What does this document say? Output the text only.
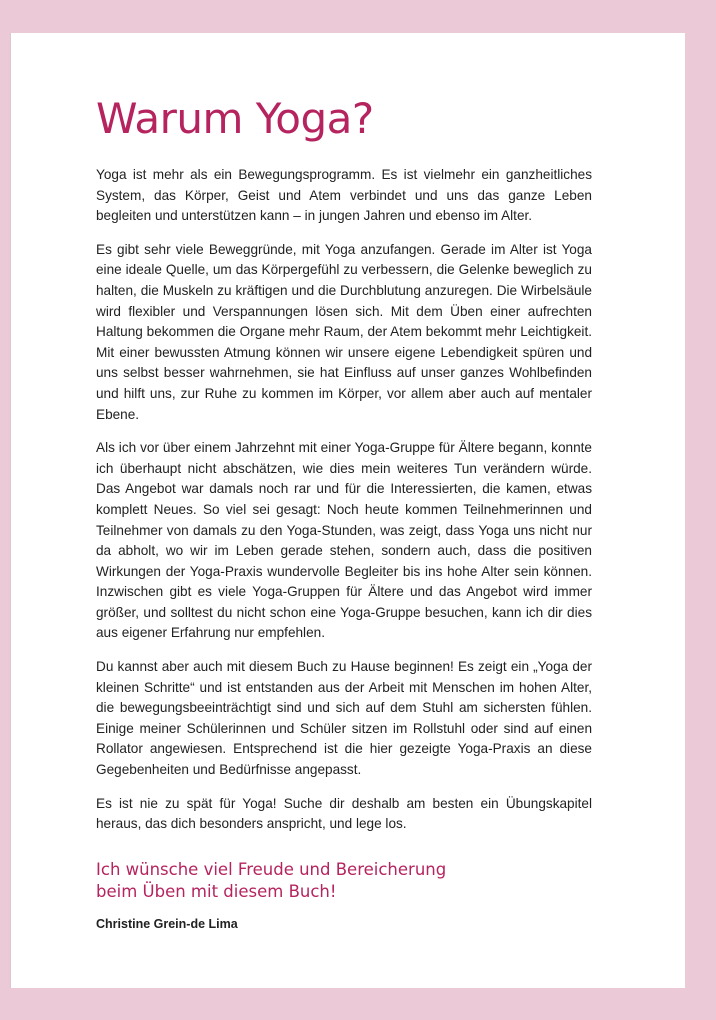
Warum Yoga?

Yoga ist mehr als ein Bewegungsprogramm. Es ist vielmehr ein ganzheitliches System, das Körper, Geist und Atem verbindet und uns das ganze Leben begleiten und unterstützen kann – in jungen Jahren und ebenso im Alter.

Es gibt sehr viele Beweggründe, mit Yoga anzufangen. Gerade im Alter ist Yoga eine ideale Quelle, um das Körpergefühl zu verbessern, die Gelenke beweglich zu halten, die Muskeln zu kräftigen und die Durchblutung anzuregen. Die Wirbelsäule wird flexibler und Verspannungen lösen sich. Mit dem Üben einer aufrechten Haltung bekommen die Organe mehr Raum, der Atem bekommt mehr Leichtigkeit. Mit einer bewussten Atmung können wir unsere eigene Lebendigkeit spüren und uns selbst besser wahrnehmen, sie hat Einfluss auf unser ganzes Wohlbefinden und hilft uns, zur Ruhe zu kommen im Körper, vor allem aber auch auf mentaler Ebene.

Als ich vor über einem Jahrzehnt mit einer Yoga-Gruppe für Ältere begann, konnte ich überhaupt nicht abschätzen, wie dies mein weiteres Tun verändern würde. Das Angebot war damals noch rar und für die Interessierten, die kamen, etwas komplett Neues. So viel sei gesagt: Noch heute kommen Teilnehmerinnen und Teilnehmer von damals zu den Yoga-Stunden, was zeigt, dass Yoga uns nicht nur da abholt, wo wir im Leben gerade stehen, sondern auch, dass die positiven Wirkungen der Yoga-Praxis wundervolle Begleiter bis ins hohe Alter sein können. Inzwischen gibt es viele Yoga-Gruppen für Ältere und das Angebot wird immer größer, und solltest du nicht schon eine Yoga-Gruppe besuchen, kann ich dir dies aus eigener Erfahrung nur empfehlen.

Du kannst aber auch mit diesem Buch zu Hause beginnen! Es zeigt ein „Yoga der kleinen Schritte“ und ist entstanden aus der Arbeit mit Menschen im hohen Alter, die bewegungsbeeinträchtigt sind und sich auf dem Stuhl am sichersten fühlen. Einige meiner Schülerinnen und Schüler sitzen im Rollstuhl oder sind auf einen Rollator angewiesen. Entsprechend ist die hier gezeigte Yoga-Praxis an diese Gegebenheiten und Bedürfnisse angepasst.

Es ist nie zu spät für Yoga! Suche dir deshalb am besten ein Übungskapitel heraus, das dich besonders anspricht, und lege los.

Ich wünsche viel Freude und Bereicherung
beim Üben mit diesem Buch!

Christine Grein-de Lima
